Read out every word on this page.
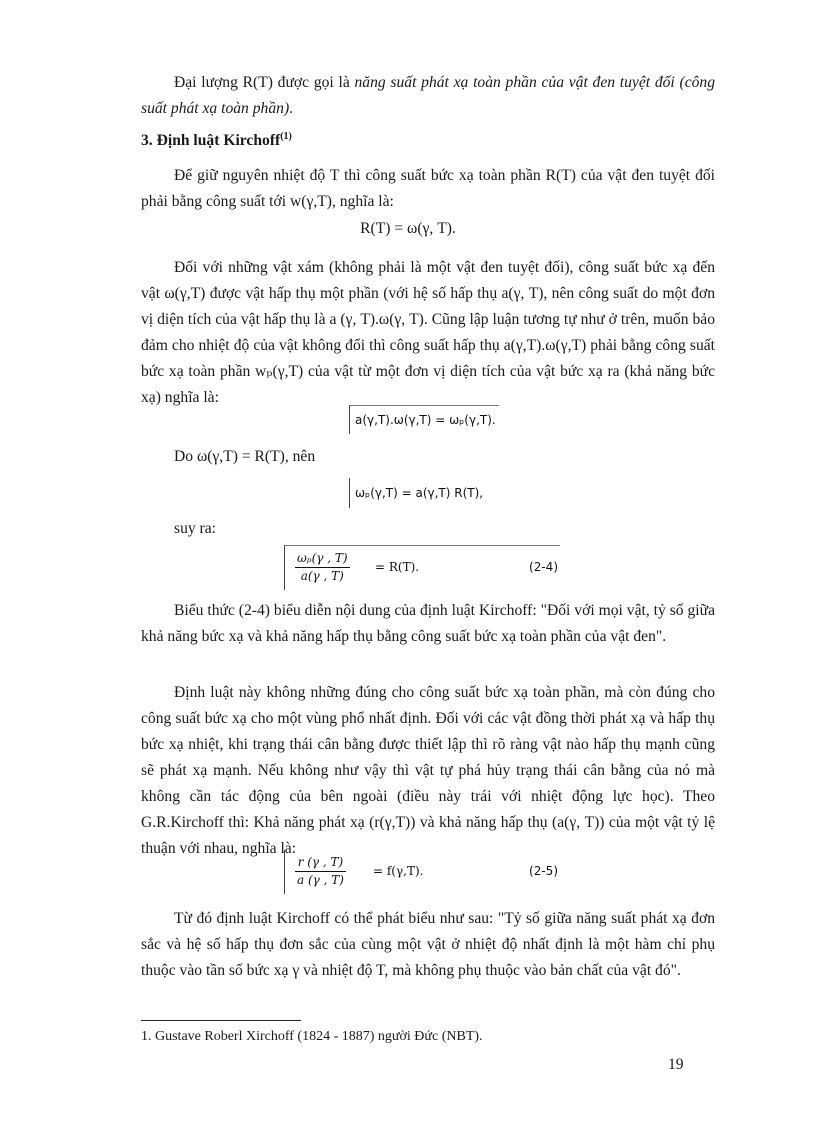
Đại lượng R(T) được gọi là năng suất phát xạ toàn phần của vật đen tuyệt đối (công suất phát xạ toàn phần).

3. Định luật Kirchoff$^{(1)}$

Để giữ nguyên nhiệt độ T thì công suất bức xạ toàn phần R(T) của vật đen tuyệt đối phải bằng công suất tới w(γ,T), nghĩa là:

R(T) = ω(γ, T).

Đối với những vật xám (không phải là một vật đen tuyệt đối), công suất bức xạ đến vật ω(γ,T) được vật hấp thụ một phần (với hệ số hấp thụ a(γ, T), nên công suất do một đơn vị diện tích của vật hấp thụ là a (γ, T).ω(γ, T). Cũng lập luận tương tự như ở trên, muốn bảo đảm cho nhiệt độ của vật không đổi thì công suất hấp thụ a(γ,T).ω(γ,T) phải bằng công suất bức xạ toàn phần wₚ(γ,T) của vật từ một đơn vị diện tích của vật bức xạ ra (khả năng bức xạ) nghĩa là:

a(γ,T).ω(γ,T) = ωₚ(γ,T).

Do ω(γ,T) = R(T), nên

ωₚ(γ,T) = a(γ,T) R(T),

suy ra:

$\frac{\text{ωₚ(γ , T)}}{a(\gamma , T)} = R(T)$.	(2-4)

Biểu thức (2-4) biểu diễn nội dung của định luật Kirchoff: "Đối với mọi vật, tỷ số giữa khả năng bức xạ và khả năng hấp thụ bằng công suất bức xạ toàn phần của vật đen".

Định luật này không những đúng cho công suất bức xạ toàn phần, mà còn đúng cho công suất bức xạ cho một vùng phổ nhất định. Đối với các vật đồng thời phát xạ và hấp thụ bức xạ nhiệt, khi trạng thái cân bằng được thiết lập thì rõ ràng vật nào hấp thụ mạnh cũng sẽ phát xạ mạnh. Nếu không như vậy thì vật tự phá hủy trạng thái cân bằng của nó mà không cần tác động của bên ngoài (điều này trái với nhiệt động lực học). Theo G.R.Kirchoff thì: Khả năng phát xạ (r(γ,T)) và khả năng hấp thụ (a(γ, T)) của một vật tỷ lệ thuận với nhau, nghĩa là:

$\frac{r (\gamma , T)}{a (\gamma , T)} = f(\gamma,T)$.	(2-5)

Từ đó định luật Kirchoff có thể phát biểu như sau: "Tỷ số giữa năng suất phát xạ đơn sắc và hệ số hấp thụ đơn sắc của cùng một vật ở nhiệt độ nhất định là một hàm chỉ phụ thuộc vào tần số bức xạ γ và nhiệt độ T, mà không phụ thuộc vào bản chất của vật đó".

1. Gustave Roberl Xirchoff (1824 - 1887) người Đức (NBT).
19
